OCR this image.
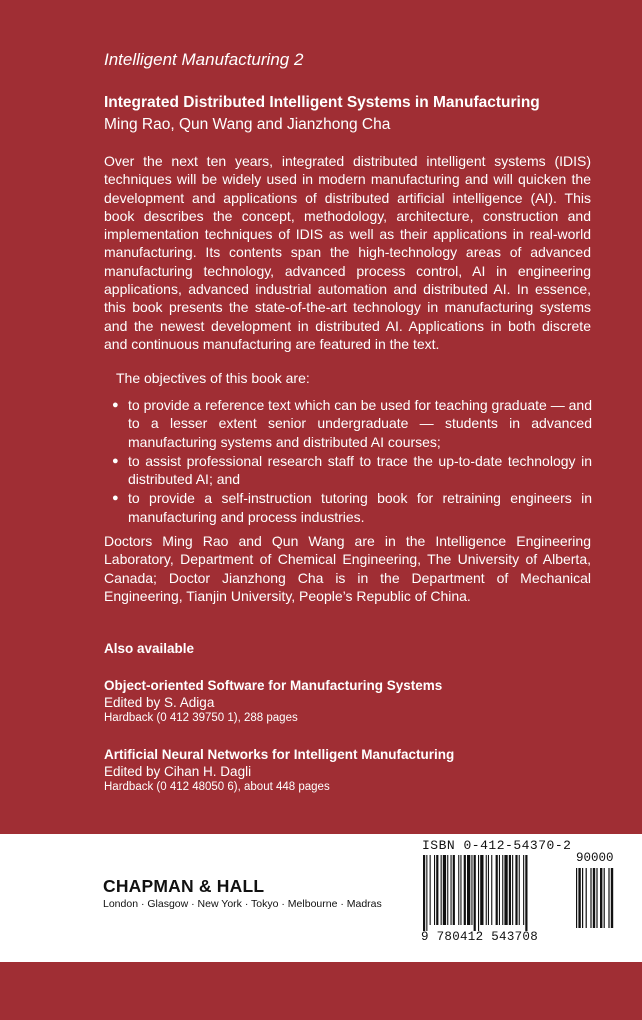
Intelligent Manufacturing 2
Integrated Distributed Intelligent Systems in Manufacturing
Ming Rao, Qun Wang and Jianzhong Cha

Over the next ten years, integrated distributed intelligent systems (IDIS) techniques will be widely used in modern manufacturing and will quicken the development and applications of distributed artificial intelligence (AI). This book describes the concept, methodology, architecture, construction and implementation techniques of IDIS as well as their applications in real-world manufacturing. Its contents span the high-technology areas of advanced manufacturing technology, advanced process control, AI in engineering applications, advanced industrial automation and distributed AI. In essence, this book presents the state-of-the-art technology in manufacturing systems and the newest development in distributed AI. Applications in both discrete and continuous manufacturing are featured in the text.

The objectives of this book are:
● to provide a reference text which can be used for teaching graduate — and to a lesser extent senior undergraduate — students in advanced manufacturing systems and distributed AI courses;
● to assist professional research staff to trace the up-to-date technology in distributed AI; and
● to provide a self-instruction tutoring book for retraining engineers in manufacturing and process industries.

Doctors Ming Rao and Qun Wang are in the Intelligence Engineering Laboratory, Department of Chemical Engineering, The University of Alberta, Canada; Doctor Jianzhong Cha is in the Department of Mechanical Engineering, Tianjin University, People’s Republic of China.

Also available
Object-oriented Software for Manufacturing Systems
Edited by S. Adiga
Hardback (0 412 39750 1), 288 pages
Artificial Neural Networks for Intelligent Manufacturing
Edited by Cihan H. Dagli
Hardback (0 412 48050 6), about 448 pages
CHAPMAN & HALL
London · Glasgow · New York · Tokyo · Melbourne · Madras
ISBN 0-412-54370-2
90000
9 780412 543708
